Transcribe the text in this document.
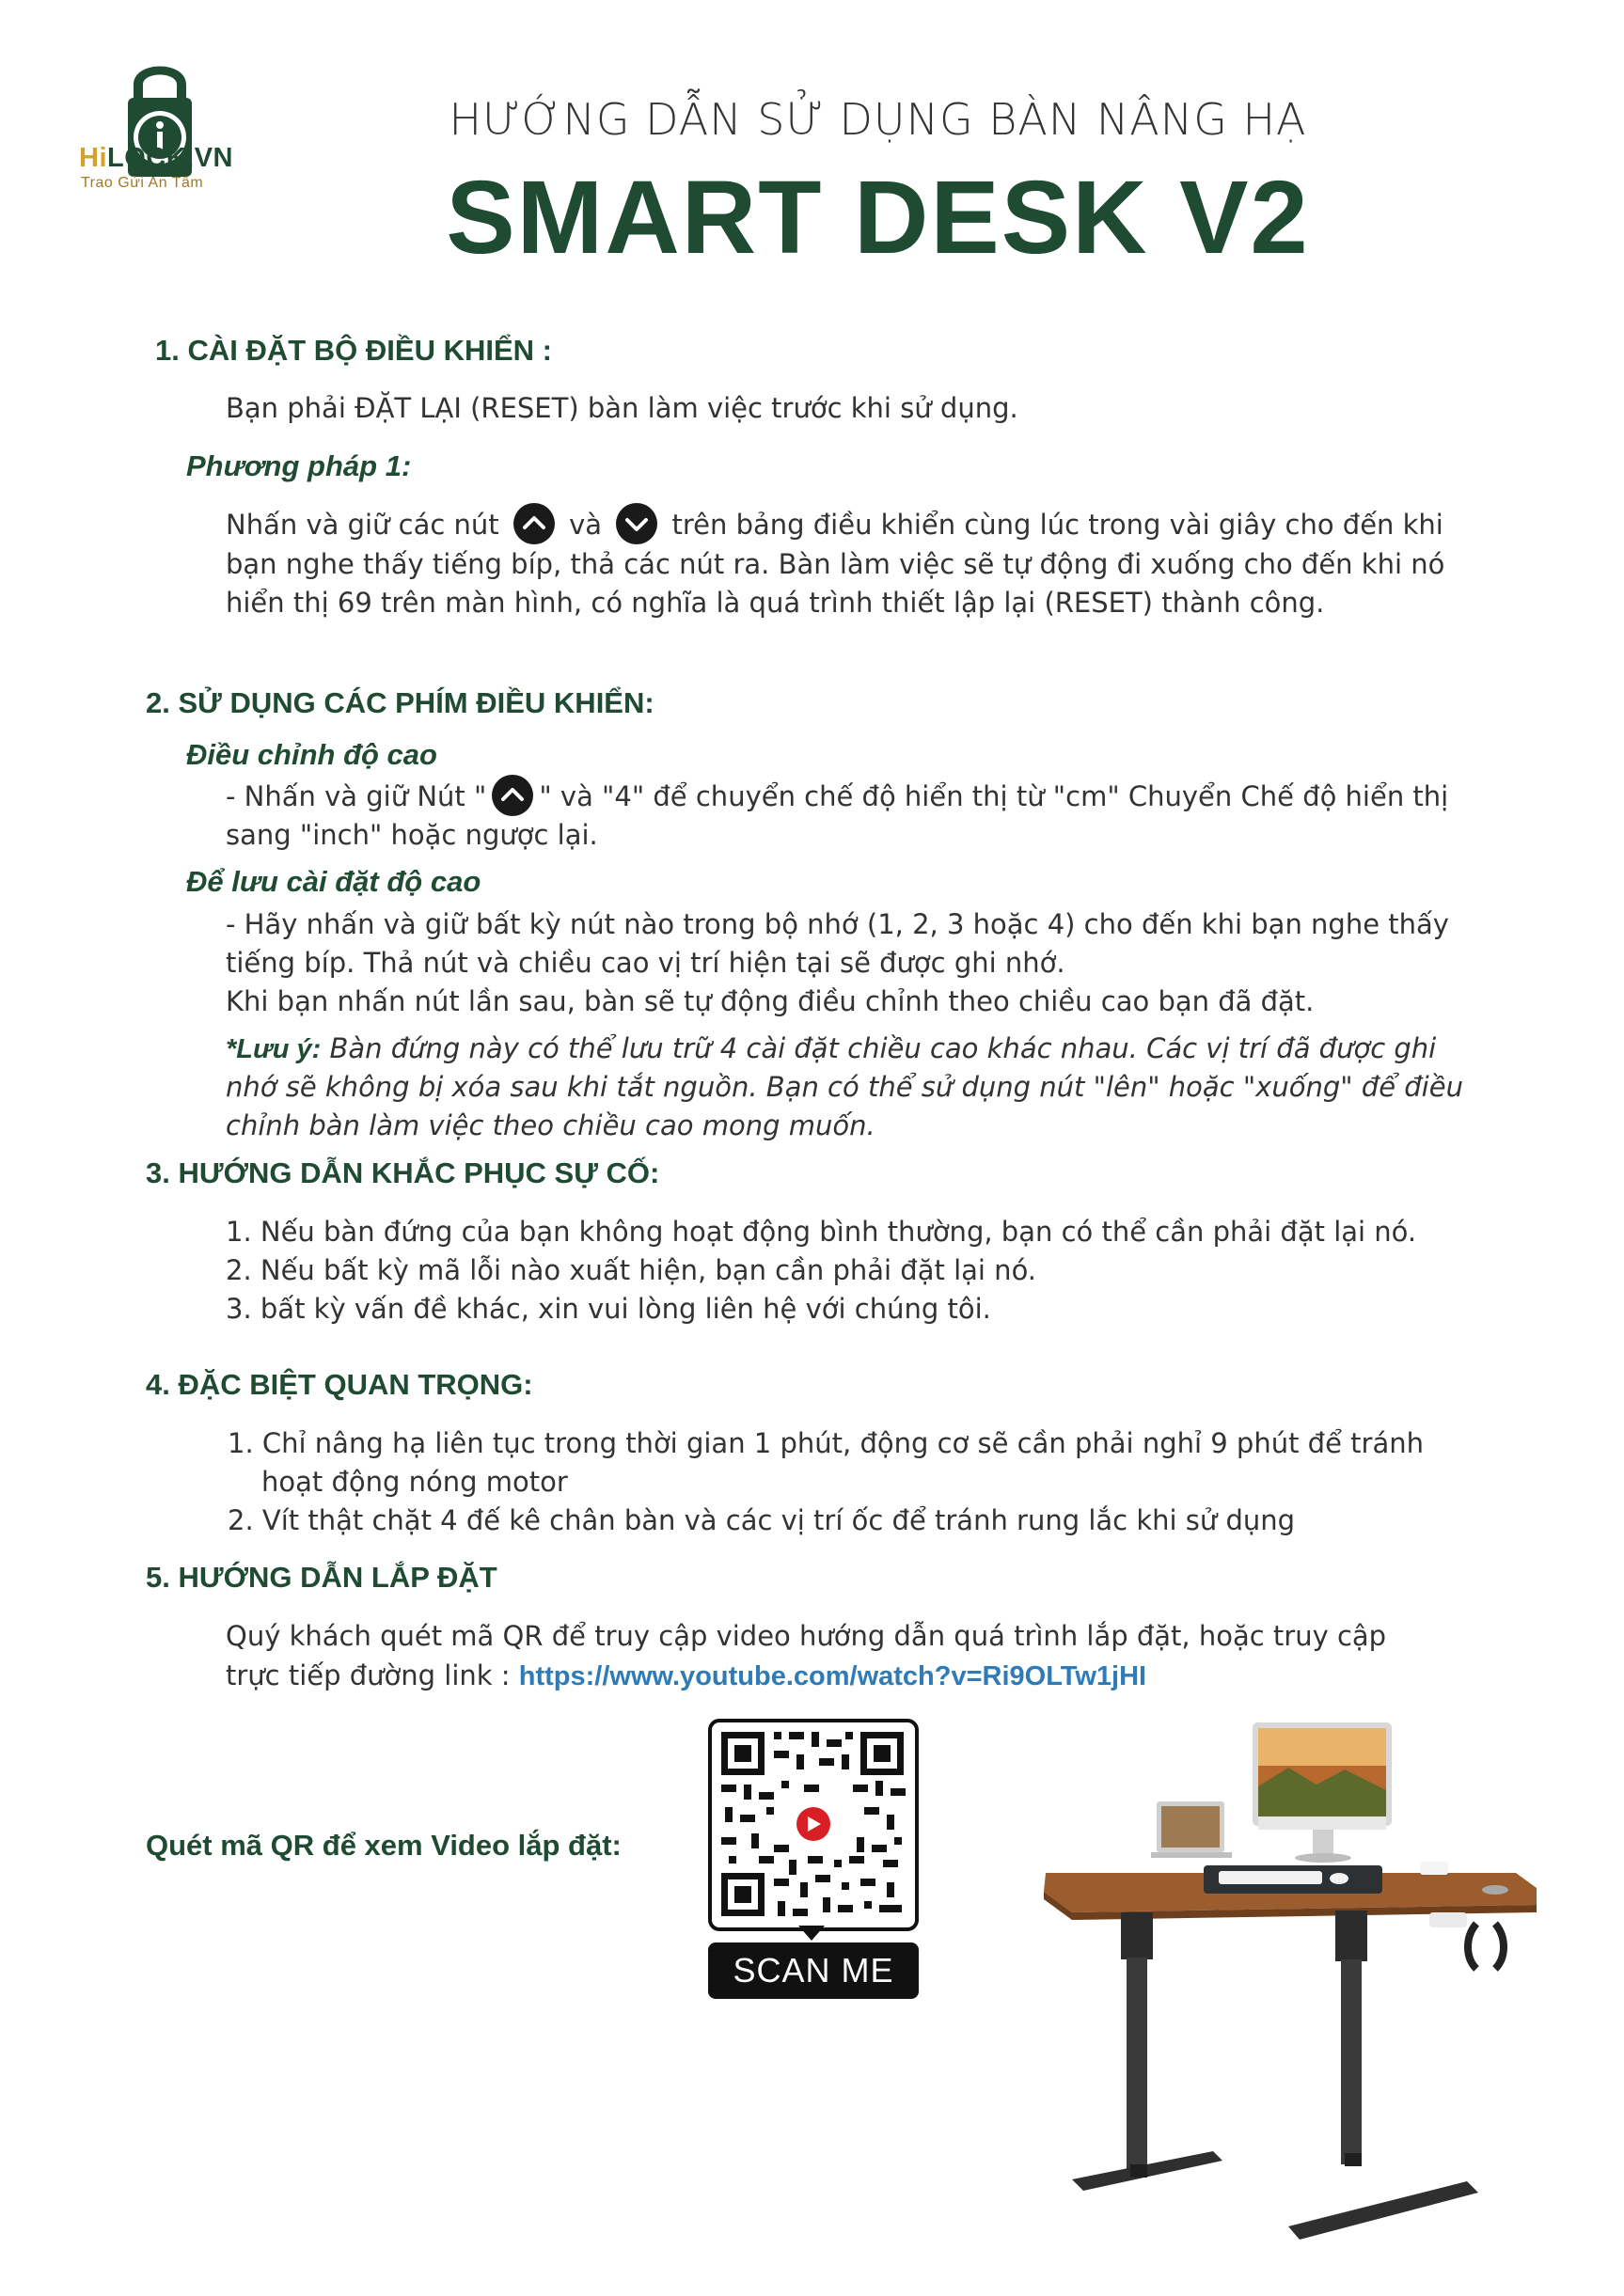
HiLOCK.VN
Trao Gửi An Tâm
HƯỚNG DẪN SỬ DỤNG BÀN NÂNG HẠ
SMART DESK V2
1. CÀI ĐẶT BỘ ĐIỀU KHIỂN :

Bạn phải ĐẶT LẠI (RESET) bàn làm việc trước khi sử dụng.

Phương pháp 1:

Nhấn và giữ các nút	và	trên bảng điều khiển cùng lúc trong vài giây cho đến khi

bạn nghe thấy tiếng bíp, thả các nút ra. Bàn làm việc sẽ tự động đi xuống cho đến khi nó

hiển thị 69 trên màn hình, có nghĩa là quá trình thiết lập lại (RESET) thành công.

2. SỬ DỤNG CÁC PHÍM ĐIỀU KHIỂN:

Điều chỉnh độ cao

- Nhấn và giữ Nút " " và "4" để chuyển chế độ hiển thị từ "cm" Chuyển Chế độ hiển thị

sang "inch" hoặc ngược lại.

Để lưu cài đặt độ cao

- Hãy nhấn và giữ bất kỳ nút nào trong bộ nhớ (1, 2, 3 hoặc 4) cho đến khi bạn nghe thấy

tiếng bíp. Thả nút và chiều cao vị trí hiện tại sẽ được ghi nhớ.

Khi bạn nhấn nút lần sau, bàn sẽ tự động điều chỉnh theo chiều cao bạn đã đặt.

*Lưu ý: Bàn đứng này có thể lưu trữ 4 cài đặt chiều cao khác nhau. Các vị trí đã được ghi

nhớ sẽ không bị xóa sau khi tắt nguồn. Bạn có thể sử dụng nút "lên" hoặc "xuống" để điều

chỉnh bàn làm việc theo chiều cao mong muốn.

3. HƯỚNG DẪN KHẮC PHỤC SỰ CỐ:

1. Nếu bàn đứng của bạn không hoạt động bình thường, bạn có thể cần phải đặt lại nó.

2. Nếu bất kỳ mã lỗi nào xuất hiện, bạn cần phải đặt lại nó.

3. bất kỳ vấn đề khác, xin vui lòng liên hệ với chúng tôi.

4. ĐẶC BIỆT QUAN TRỌNG:

1. Chỉ nâng hạ liên tục trong thời gian 1 phút, động cơ sẽ cần phải nghỉ 9 phút để tránh

hoạt động nóng motor

2. Vít thật chặt 4 đế kê chân bàn và các vị trí ốc để tránh rung lắc khi sử dụng

5. HƯỚNG DẪN LẮP ĐẶT

Quý khách quét mã QR để truy cập video hướng dẫn quá trình lắp đặt, hoặc truy cập

trực tiếp đường link : https://www.youtube.com/watch?v=Ri9OLTw1jHI

Quét mã QR để xem Video lắp đặt:
SCAN ME
